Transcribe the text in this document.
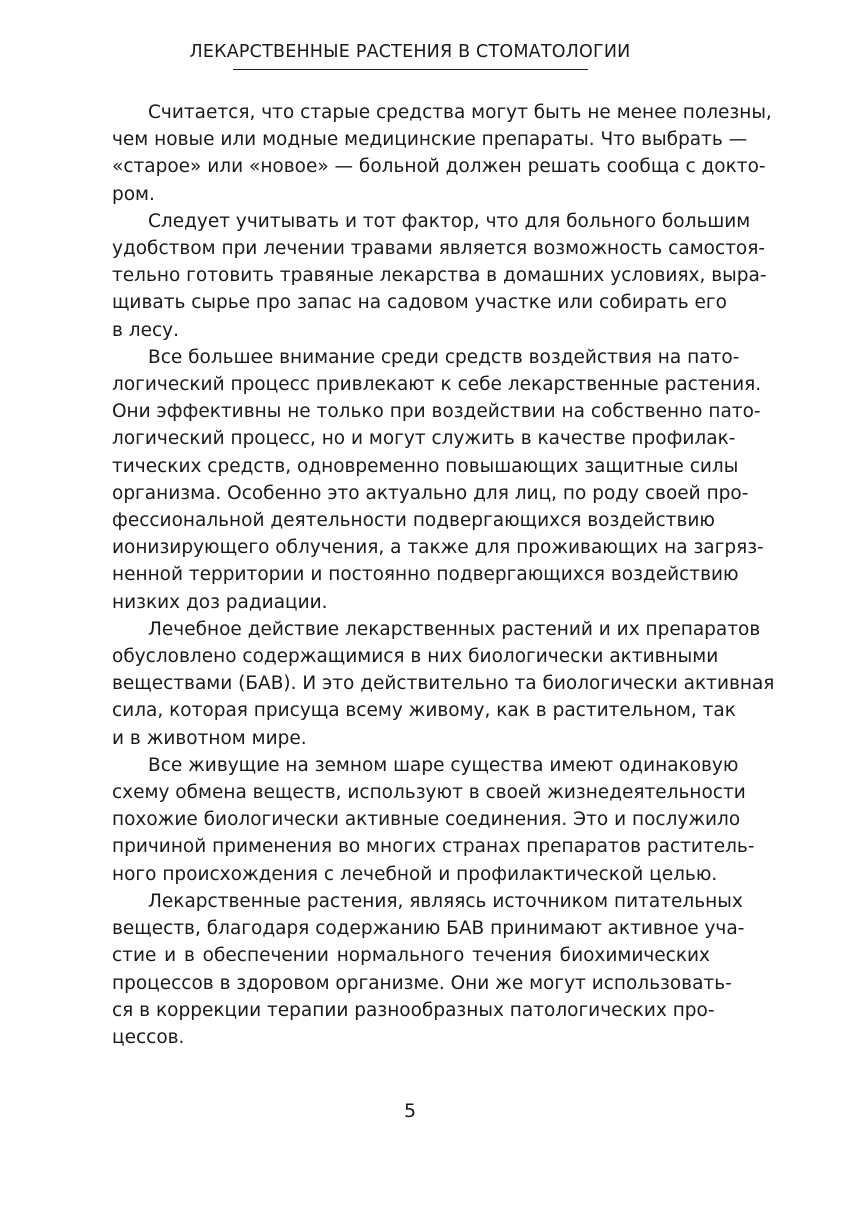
ЛЕКАРСТВЕННЫЕ РАСТЕНИЯ В СТОМАТОЛОГИИ

Считается, что старые средства могут быть не менее полезны,
чем новые или модные медицинские препараты. Что выбрать —
«старое» или «новое» — больной должен решать сообща с докто-
ром.

Следует учитывать и тот фактор, что для больного большим
удобством при лечении травами является возможность самостоя-
тельно готовить травяные лекарства в домашних условиях, выра-
щивать сырье про запас на садовом участке или собирать его
в лесу.

Все большее внимание среди средств воздействия на пато-
логический процесс привлекают к себе лекарственные растения.
Они эффективны не только при воздействии на собственно пато-
логический процесс, но и могут служить в качестве профилак-
тических средств, одновременно повышающих защитные силы
организма. Особенно это актуально для лиц, по роду своей про-
фессиональной деятельности подвергающихся воздействию
ионизирующего облучения, а также для проживающих на загряз-
ненной территории и постоянно подвергающихся воздействию
низких доз радиации.

Лечебное действие лекарственных растений и их препаратов
обусловлено содержащимися в них биологически активными
веществами (БАВ). И это действительно та биологически активная
сила, которая присуща всему живому, как в растительном, так
и в животном мире.

Все живущие на земном шаре существа имеют одинаковую
схему обмена веществ, используют в своей жизнедеятельности
похожие биологически активные соединения. Это и послужило
причиной применения во многих странах препаратов раститель-
ного происхождения с лечебной и профилактической целью.

Лекарственные растения, являясь источником питательных
веществ, благодаря содержанию БАВ принимают активное уча-
стие и в обеспечении нормального течения биохимических
процессов в здоровом организме. Они же могут использовать-
ся в коррекции терапии разнообразных патологических про-
цессов.

5
